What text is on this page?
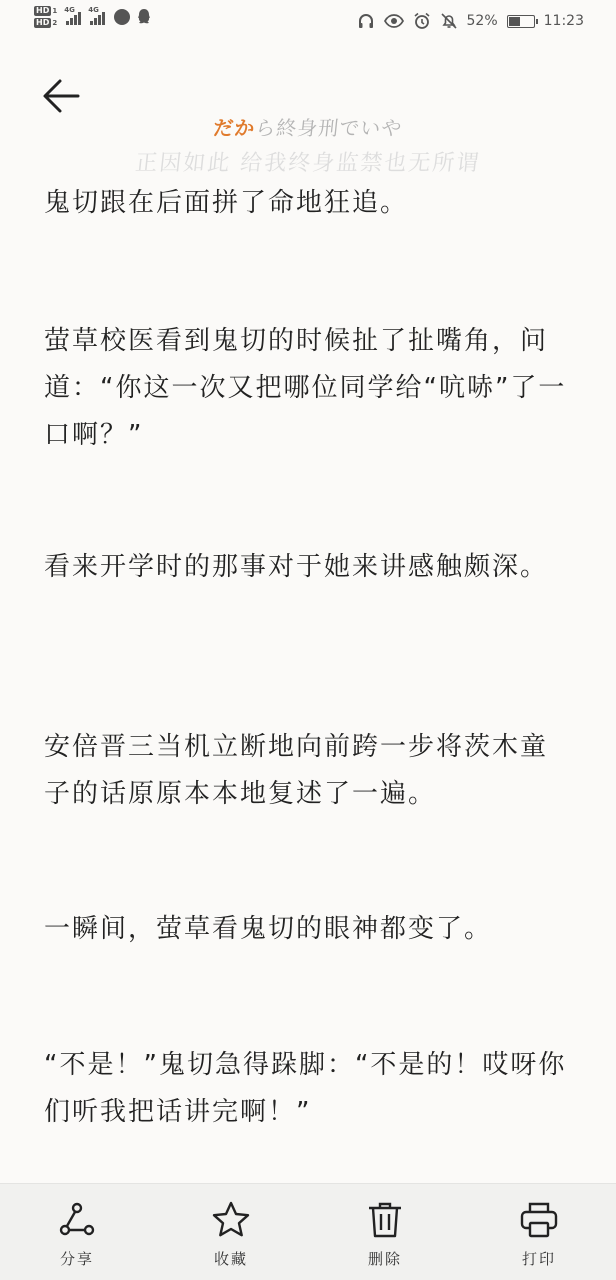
HD 1
HD 2
4G 4G
52%	11:23
だから終身刑でいや
正因如此 给我终身监禁也无所谓

鬼切跟在后面拼了命地狂追。

萤草校医看到鬼切的时候扯了扯嘴角，问道：“你这一次又把哪位同学给“吭哧”了一口啊？”

看来开学时的那事对于她来讲感触颇深。

安倍晋三当机立断地向前跨一步将茨木童子的话原原本本地复述了一遍。

一瞬间，萤草看鬼切的眼神都变了。

“不是！”鬼切急得跺脚：“不是的！哎呀你们听我把话讲完啊！”

分享	收藏	删除	打印
